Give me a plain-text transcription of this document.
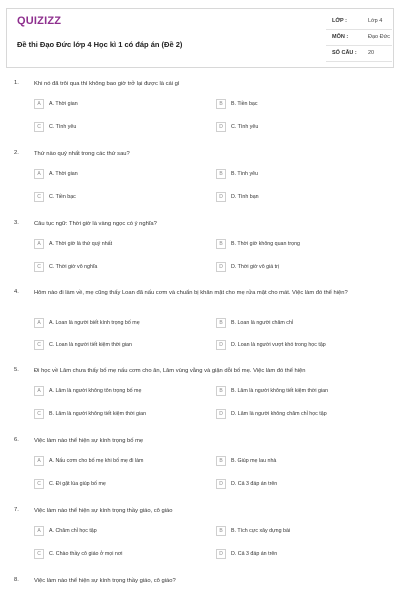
QUIZIZZ
Đề thi Đạo Đức lớp 4 Học kì 1 có đáp án (Đề 2)
LỚP :	Lớp 4
MÔN :	Đạo Đức
SỐ CÂU : 20
1.	Khi nó đã trôi qua thì không bao giờ trở lại được là cái gì
A	A. Thời gian	B	B. Tiền bạc
C	C. Tình yêu	D	C. Tình yêu
2.	Thứ nào quý nhất trong các thứ sau?
A	A. Thời gian	B	B. Tình yêu
C	C. Tiền bạc	D	D. Tình bạn
3.	Câu tục ngữ: Thời giờ là vàng ngọc có ý nghĩa?
A	A. Thời giờ là thứ quý nhất	B	B. Thời giờ không quan trọng
C	C. Thời giờ vô nghĩa	D	D. Thời giờ vô giá trị
4.	Hôm nào đi làm về, mẹ cũng thấy Loan đã nấu cơm và chuẩn bị khăn mặt cho mẹ rửa mặt cho mát. Việc làm đó thể hiện?
A	A. Loan là người biết kính trọng bố mẹ	B	B. Loan là người chăm chỉ
C	C. Loan là người tiết kiệm thời gian	D	D. Loan là người vượt khó trong học tập
5.	Đi học về Lâm chưa thấy bố mẹ nấu cơm cho ăn, Lâm vùng vằng và giận dỗi bố mẹ. Việc làm đó thể hiện
A	A. Lâm là người không tôn trọng bố mẹ	B	B. Lâm là người không tiết kiệm thời gian
C	B. Lâm là người không tiết kiệm thời gian	D	D. Lâm là người không chăm chỉ học tập
6.	Việc làm nào thể hiện sự kính trọng bố mẹ
A	A. Nấu cơm cho bố mẹ khi bố mẹ đi làm	B	B. Giúp mẹ lau nhà
C	C. Đi gặt lúa giúp bố mẹ	D	D. Cả 3 đáp án trên
7.	Việc làm nào thể hiện sự kính trọng thầy giáo, cô giáo
A	A. Chăm chỉ học tập	B	B. Tích cực xây dựng bài
C	C. Chào thầy cô giáo ở mọi nơi	D	D. Cả 3 đáp án trên
8.	Việc làm nào thể hiện sự kính trọng thầy giáo, cô giáo?
